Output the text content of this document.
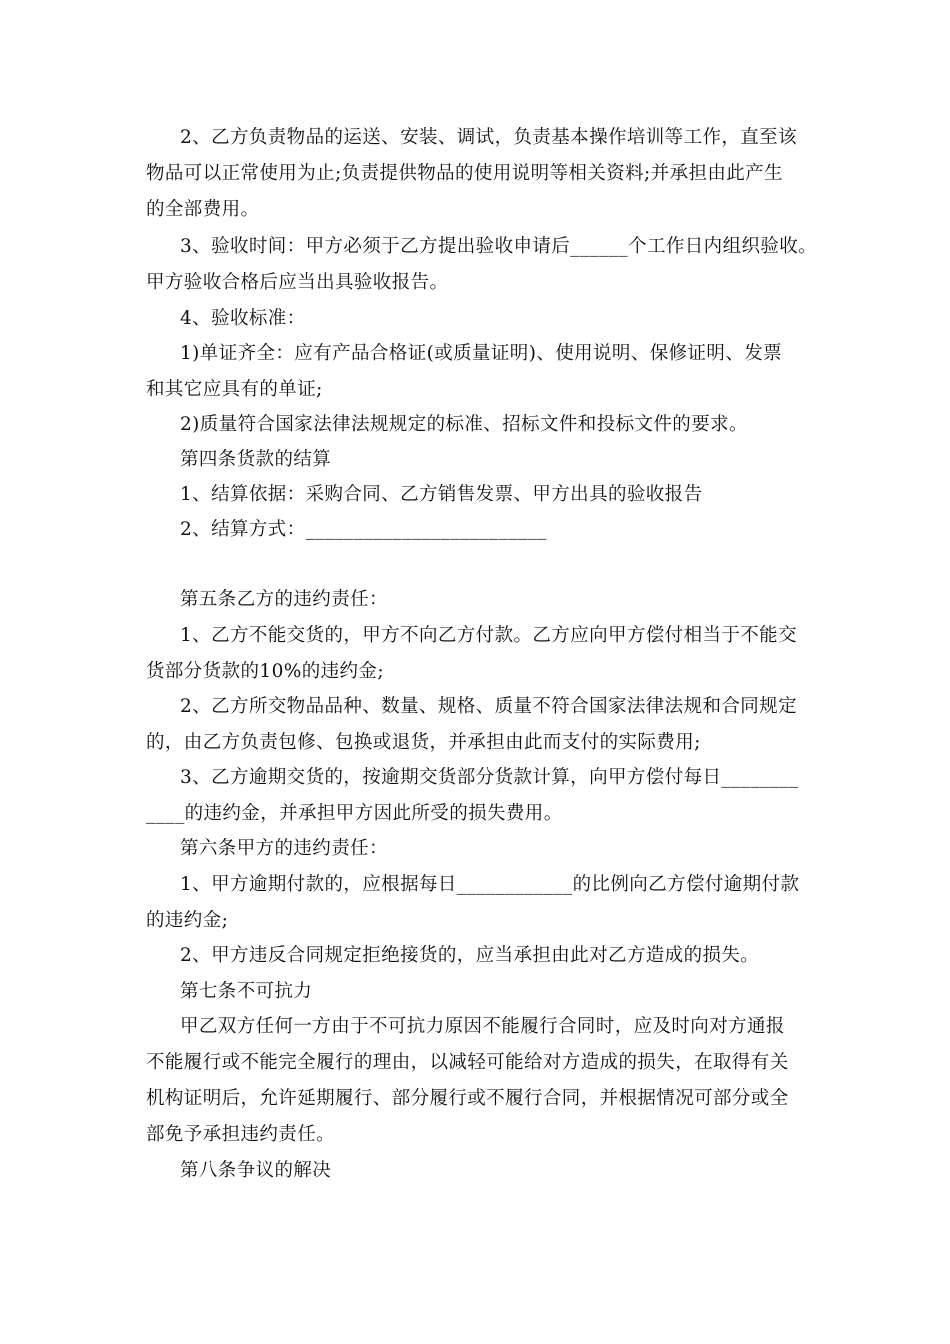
2、乙方负责物品的运送、安装、调试，负责基本操作培训等工作，直至该
物品可以正常使用为止;负责提供物品的使用说明等相关资料;并承担由此产生
的全部费用。
3、验收时间：甲方必须于乙方提出验收申请后______个工作日内组织验收。
甲方验收合格后应当出具验收报告。
4、验收标准：
1)单证齐全：应有产品合格证(或质量证明)、使用说明、保修证明、发票
和其它应具有的单证;
2)质量符合国家法律法规规定的标准、招标文件和投标文件的要求。
第四条货款的结算
1、结算依据：采购合同、乙方销售发票、甲方出具的验收报告
2、结算方式：_________________________
第五条乙方的违约责任：
1、乙方不能交货的，甲方不向乙方付款。乙方应向甲方偿付相当于不能交
货部分货款的10%的违约金;
2、乙方所交物品品种、数量、规格、质量不符合国家法律法规和合同规定
的，由乙方负责包修、包换或退货，并承担由此而支付的实际费用;
3、乙方逾期交货的，按逾期交货部分货款计算，向甲方偿付每日________
____的违约金，并承担甲方因此所受的损失费用。
第六条甲方的违约责任：
1、甲方逾期付款的，应根据每日____________的比例向乙方偿付逾期付款
的违约金;
2、甲方违反合同规定拒绝接货的，应当承担由此对乙方造成的损失。
第七条不可抗力
甲乙双方任何一方由于不可抗力原因不能履行合同时，应及时向对方通报
不能履行或不能完全履行的理由，以减轻可能给对方造成的损失，在取得有关
机构证明后，允许延期履行、部分履行或不履行合同，并根据情况可部分或全
部免予承担违约责任。
第八条争议的解决
